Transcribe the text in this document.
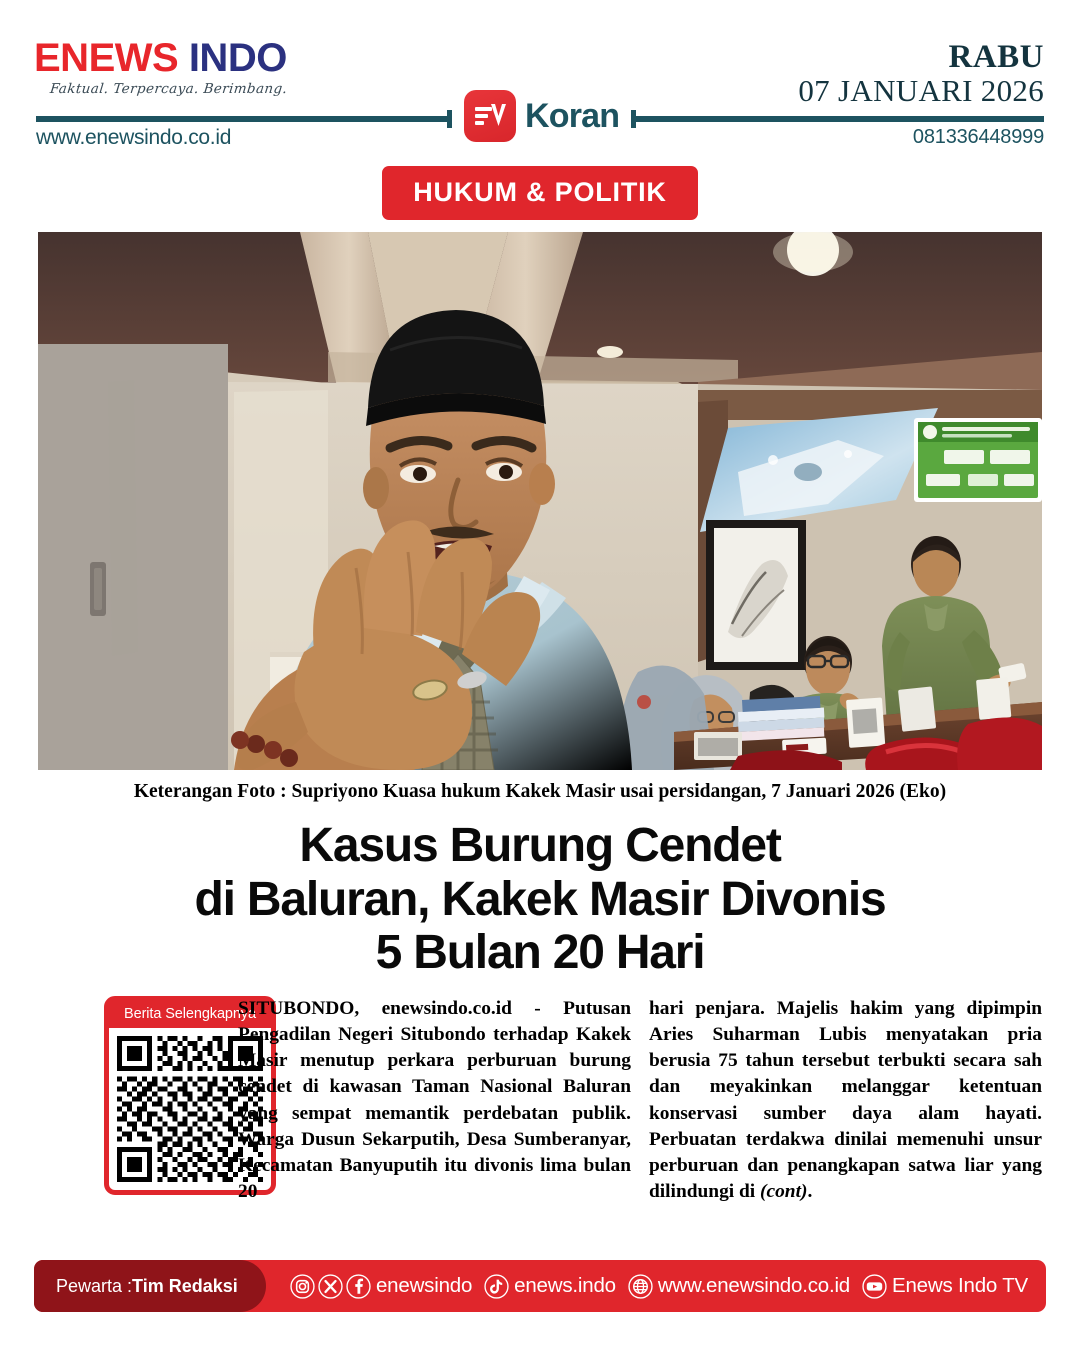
ENEWS INDO
Faktual. Terpercaya. Berimbang.
www.enewsindo.co.id
Koran
RABU
07 JANUARI 2026
081336448999
HUKUM & POLITIK
Keterangan Foto : Supriyono Kuasa hukum Kakek Masir usai persidangan, 7 Januari 2026 (Eko)
Kasus Burung Cendet
di Baluran, Kakek Masir Divonis
5 Bulan 20 Hari
Berita Selengkapnya
SITUBONDO, enewsindo.co.id - Putusan Pengadilan Negeri Situbondo terhadap Kakek Masir menutup perkara perburuan burung cendet di kawasan Taman Nasional Baluran yang sempat memantik perdebatan publik. Warga Dusun Sekarputih, Desa Sumberanyar, Kecamatan Banyuputih itu divonis lima bulan 20
hari penjara. Majelis hakim yang dipimpin Aries Suharman Lubis menyatakan pria berusia 75 tahun tersebut terbukti secara sah dan meyakinkan melanggar ketentuan konservasi sumber daya alam hayati. Perbuatan terdakwa dinilai memenuhi unsur perburuan dan penangkapan satwa liar yang dilindungi di (cont).
Pewarta : Tim Redaksi	enewsindo enews.indo www.enewsindo.co.id Enews Indo TV
